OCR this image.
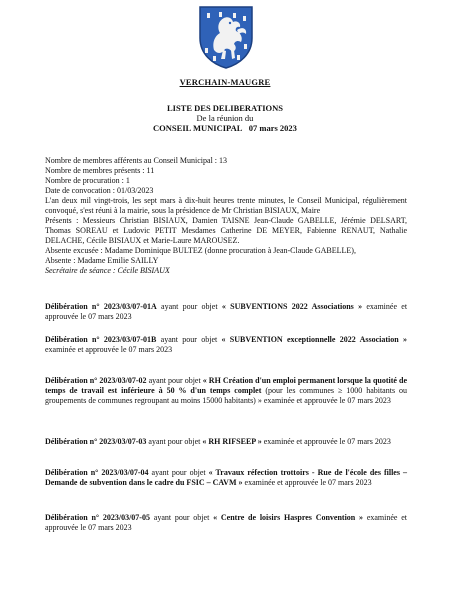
VERCHAIN-MAUGRE
LISTE DES DELIBERATIONS
De la réunion du
CONSEIL MUNICIPAL 07 mars 2023

Nombre de membres afférents au Conseil Municipal : 13

Nombre de membres présents : 11

Nombre de procuration : 1

Date de convocation : 01/03/2023

L'an deux mil vingt-trois, les sept mars à dix-huit heures trente minutes, le Conseil Municipal, régulièrement convoqué, s'est réuni à la mairie, sous la présidence de Mr Christian BISIAUX, Maire

Présents : Messieurs Christian BISIAUX, Damien TAISNE Jean-Claude GABELLE, Jérémie DELSART, Thomas SOREAU et Ludovic PETIT Mesdames Catherine DE MEYER, Fabienne RENAUT, Nathalie DELACHE, Cécile BISIAUX et Marie-Laure MAROUSEZ.

Absente excusée : Madame Dominique BULTEZ (donne procuration à Jean-Claude GABELLE),

Absente : Madame Emilie SAILLY

Secrétaire de séance : Cécile BISIAUX

Délibération n° 2023/03/07-01A ayant pour objet « SUBVENTIONS 2022 Associations » examinée et approuvée le 07 mars 2023
Délibération n° 2023/03/07-01B ayant pour objet « SUBVENTION exceptionnelle 2022 Association » examinée et approuvée le 07 mars 2023
Délibération n° 2023/03/07-02 ayant pour objet « RH Création d'un emploi permanent lorsque la quotité de temps de travail est inférieure à 50 % d'un temps complet (pour les communes ≥ 1000 habitants ou groupements de communes regroupant au moins 15000 habitants) » examinée et approuvée le 07 mars 2023
Délibération n° 2023/03/07-03 ayant pour objet « RH RIFSEEP » examinée et approuvée le 07 mars 2023
Délibération n° 2023/03/07-04 ayant pour objet « Travaux réfection trottoirs - Rue de l'école des filles – Demande de subvention dans le cadre du FSIC – CAVM » examinée et approuvée le 07 mars 2023
Délibération n° 2023/03/07-05 ayant pour objet « Centre de loisirs Haspres Convention » examinée et approuvée le 07 mars 2023
